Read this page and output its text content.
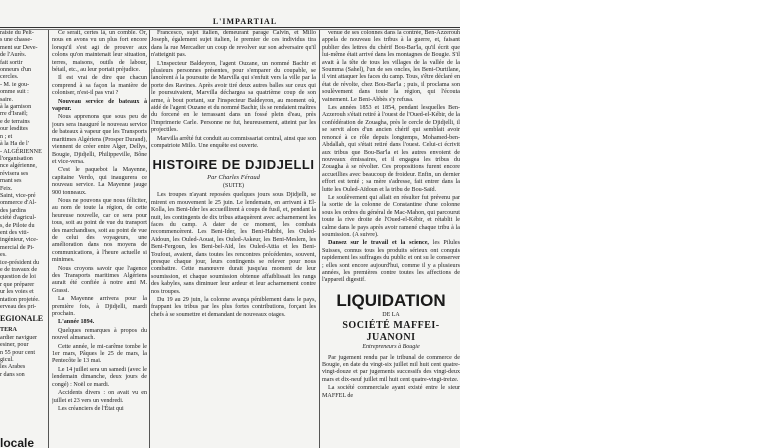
L'IMPARTIAL
raiste du Pelt-
s une chasse-
ment sur Deve-
de l'Aurès.
fait sortir
onneurs d'un
cercles.
- M. ie gou-
omme suit :
saire.
à la garnison
rre d'Israël;
e de terrains
our lesdites
n ; et
à la Ha de l'
- ALGÉRIENNE
l'organisation
nce algérienne,
révisera ses
rnant ses
Feix.
Saint, vice-pré
ommerce d'Al-
des jardins
ciété d'agricul-
s, de Pilote du
ent des viti-
ingénieur, vice-
mercial de Pi-
es.
ice-président du
e de travaux de
question de loi
r que préparer
ur les voies et
ntation projetée.
erveau des pri-
EGIONALE
TERA
ardier naviguer
esiner, pour
n 55 pour cent
gicul.
les Arabes
r dans son
locale

Ce serait, certes là, un comble. Or, nous en avons vu un plus fort encore lorsqu'il s'est agi de prouver aux colons qu'on maintenait leur situation, terres, maisons, outils de labour, bétail, etc., au leur portait préjudice.

Il est vrai de dire que chacun comprend à sa façon la manière de coloniser, n'est-il pas vrai ?

Nouveau service de bateaux à vapeur.

Nous apprenons que sous peu de jours sera inauguré le nouveau service de bateaux à vapeur que les Transports maritimes Algériens (Prosper Durand), viennent de créer entre Alger, Dellys, Bougie, Djidjelli, Philippeville, Bône et vice-versa.

C'est le paquebot la Mayenne, capitaine Verdo, qui inaugurera ce nouveau service. La Mayenne jauge 900 tonneaux.

Nous ne pouvons que nous féliciter, au nom de toute la région, de cette heureuse nouvelle, car ce sera pour tous, soit au point de vue du transport des marchandises, soit au point de vue de celui des voyageurs, une amélioration dans nos moyens de communications, à l'heure actuelle si minimes.

Nous croyons savoir que l'agence des Transports maritimes Algériens aurait été confiée à notre ami M. Grassi.

La Mayenne arrivera pour la première fois, à Djidjelli, mardi prochain.

L'année 1894.

Quelques remarques à propos du nouvel almanach.

Cette année, le mi-carême tombe le 1er mars, Pâques le 25 de mars, la Pentecôte le 13 mai.

Le 14 juillet sera un samedi (avec le lendemain dimanche, deux jours de congé) : Noël ce mardi.

Accidents divers : on avait vu en juillet et 23 vers un vendredi.

Les créanciers de l'État qui

Francesco, sujet italien, demeurant parage Calvin, et Millo Joseph, également sujet italien, le premier de ces individus tira dans la rue Mercadier un coup de revolver sur son adversaire qu'il n'atteignit pas.

L'inspecteur Baldeyron, l'agent Ouzane, un nommé Bachir et plusieurs personnes présentes, pour s'emparer du coupable, se lancèrent à la poursuite de Marvilla qui s'enfuit vers la ville par la porte des Ravines. Après avoir tiré deux autres balles sur ceux qui le poursuivaient, Marvilla déchargea sa quatrième coup de son arme, à bout portant, sur l'inspecteur Baldeyron, au moment où, aidé de l'agent Ouzane et du nommé Bachir, ils se rendaient maîtres du forcené en le terrassant dans un fossé plein d'eau, près l'imprimerie Carle. Personne ne fut, heureusement, atteint par les projectiles.

Marvilla arrêté fut conduit au commissariat central, ainsi que son compatriote Millo. Une enquête est ouverte.

HISTOIRE DE DJIDJELLI
Par Charles Féraud
(SUITE)

Les troupes n'ayant reposées quelques jours sous Djidjelli, se mirent en mouvement le 25 juin. Le lendemain, en arrivant à El-Kolla, les Beni-Ider les accueillirent à coups de fusil, et, pendant la nuit, les contingents de dix tribus attaquèrent avec acharnement les faces du camp. A dater de ce moment, les combats recommencèrent. Les Beni-Ider, les Beni-Habibi, les Ouled-Aidoun, les Ouled-Aouat, les Ouled-Askeur, les Beni-Meslem, les Beni-Fergoun, les Beni-bel-Aïd, les Ouled-Attia et les Beni-Toufout, avaient, dans toutes les rencontres précédentes, souvent, presque chaque jour, leurs contingents se relever pour nous combattre. Cette manœuvre durait jusqu'au moment de leur soumission, et chaque soumission obtenue affaiblissait les rangs des kabyles, sans diminuer leur ardeur et leur acharnement contre nos troupes.

Du 19 au 29 juin, la colonne avança péniblement dans le pays, frappant les tribus par les plus fortes contributions, forçant les chefs à se soumettre et demandant de nouveaux otages.

venue de ses colonnes dans la contrée, Ben-Azzerouh appela de nouveau les tribus à la guerre, et, faisant publier des lettres du chérif Bou-Bar'la, qu'il écrit que lui-même était arrivé dans les montagnes de Bougie. S'il avait à la tête de tous les villages de la vallée de la Soumma (Sahel), l'un de ses oncles, les Beni-Ourtilane, il vint attaquer les faces du camp. Tous, s'être déclaré en état de révolte, chez Bou-Bar'la ; puis, il proclama son soulèvement dans toute la région, qui l'écouta vainement. Le Beni-Abbès s'y refusa.

Les années 1853 et 1854, pendant lesquelles Ben-Azzerouh s'était retiré à l'ouest de l'Oued-el-Kébir, de la confédération de Zouagha, près le cercle de Djidjelli, il se servit alors d'un ancien chérif qui semblait avoir renoncé à ce rôle depuis longtemps, Mohamed-ben-Abdallah, qui s'était retiré dans l'ouest. Celui-ci écrivit aux tribus que Bou-Bar'la et les autres envoient de nouveaux émissaires, et il engagea les tribus du Zouagha à se révolter. Ces propositions furent encore accueillies avec beaucoup de froideur. Enfin, un dernier effort est tenté ; sa mère s'adresse, fait entrer dans la lutte les Ouled-Aïdoun et la tribu de Bou-Saïd.

Le soulèvement qui allait en résulter fut prévenu par la sortie de la colonne de Constantine d'une colonne sous les ordres du général de Mac-Mahon, qui parcourut toute la rive droite de l'Oued-el-Kébir, et rétablit le calme dans le pays après avoir ramené chaque tribu à la soumission. (A suivre).

Dansez sur le travail et la science, les Pilules Suisses, connus tous les produits sérieux ont conquis rapidement les suffrages du public et ont su le conserver ; elles sont encore aujourd'hui, comme il y a plusieurs années, les premières contre toutes les affections de l'appareil digestif.

LIQUIDATION
DE LA
SOCIÉTÉ MAFFEI-JUANONI
Entrepreneurs à Bougie

Par jugement rendu par le tribunal de commerce de Bougie, en date du vingt-six juillet mil huit cent quatre-vingt-douze et par jugements successifs des vingt-deux mars et dix-neuf juillet mil huit cent quatre-vingt-treize.

La société commerciale ayant existé entre le sieur MAFFEL de
